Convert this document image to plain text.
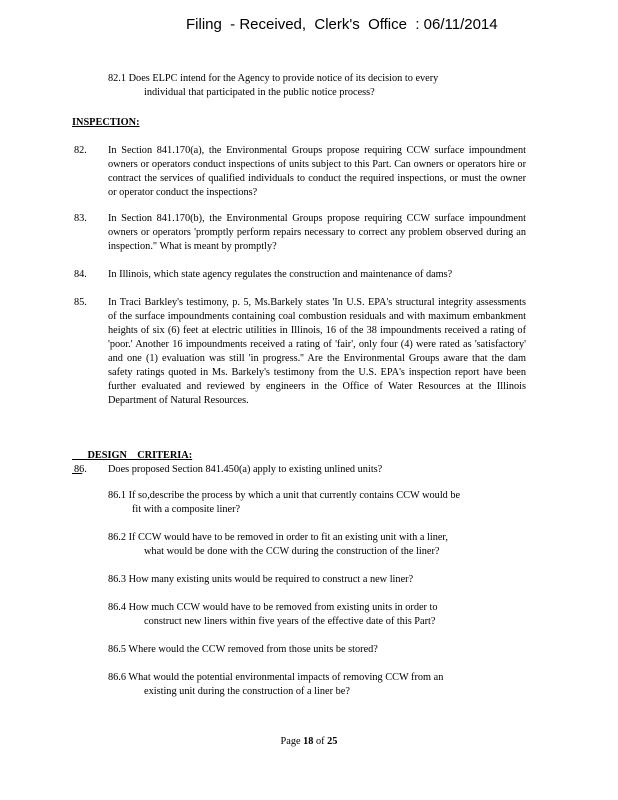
Filing  - Received,  Clerk's  Office  : 06/11/2014
82.1 Does ELPC intend for the Agency to provide notice of its decision to every
individual that participated in the public notice process?
INSPECTION:
82. In Section 841.170(a), the Environmental Groups propose requiring CCW surface impoundment owners or operators conduct inspections of units subject to this Part. Can owners or operators hire or contract the services of qualified individuals to conduct the required inspections, or must the owner or operator conduct the inspections?
83. In Section 841.170(b), the Environmental Groups propose requiring CCW surface impoundment owners or operators 'promptly perform repairs necessary to correct any problem observed during an inspection." What is meant by promptly?
84. In Illinois, which state agency regulates the construction and maintenance of dams?
85. In Traci Barkley's testimony, p. 5, Ms.Barkely states 'In U.S. EPA's structural integrity assessments of the surface impoundments containing coal combustion residuals and with maximum embankment heights of six (6) feet at electric utilities in Illinois, 16 of the 38 impoundments received a rating of 'poor.' Another 16 impoundments received a rating of 'fair', only four (4) were rated as 'satisfactory' and one (1) evaluation was still 'in progress.'' Are the Environmental Groups aware that the dam safety ratings quoted in Ms. Barkely's testimony from the U.S. EPA's inspection report have been further evaluated and reviewed by engineers in the Office of Water Resources at the Illinois Department of Natural Resources.

DESIGN    CRITERIA:

86. Does proposed Section 841.450(a) apply to existing unlined units?
86.1 If so,describe the process by which a unit that currently contains CCW would be
fit with a composite liner?
86.2 If CCW would have to be removed in order to fit an existing unit with a liner,
what would be done with the CCW during the construction of the liner?
86.3 How many existing units would be required to construct a new liner?
86.4 How much CCW would have to be removed from existing units in order to
construct new liners within five years of the effective date of this Part?
86.5 Where would the CCW removed from those units be stored?
86.6 What would the potential environmental impacts of removing CCW from an
existing unit during the construction of a liner be?
Page 18 of 25
